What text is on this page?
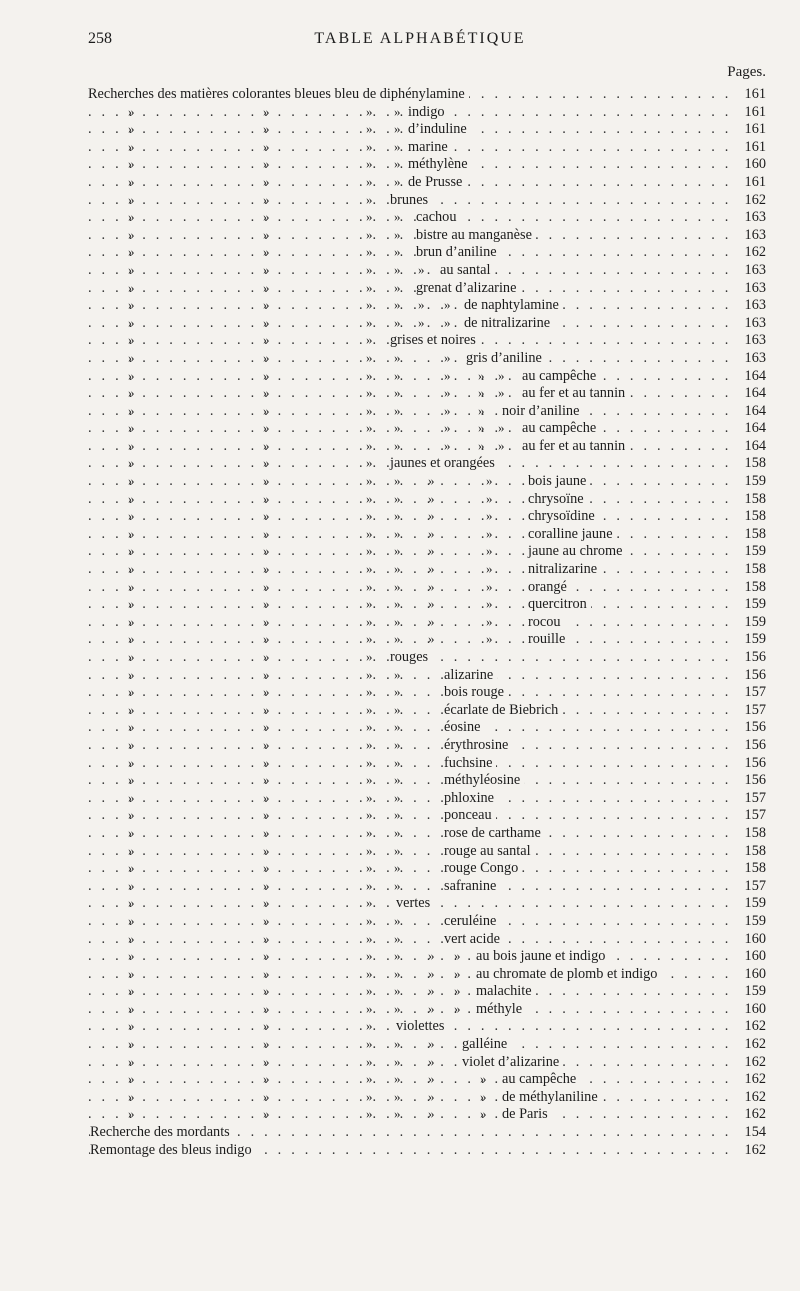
258	TABLE ALPHABÉTIQUE
Pages.
. . .
Recherches des matières colorantes bleues bleu de diphénylamine	161
. . .
»	»	» » indigo	161
. . .
»	»	» » d’induline	161
. . .
»	»	» » marine	161
. . .
»	»	» » méthylène	160
. . .
»	»	» » de Prusse	161
. . .
»	»	» brunes	162
. . .
»	»	» » cachou	163
. . .
»	»	» » bistre au manganèse	163
. . .
»	»	» » brun d’aniline	162
. . .
»	»	» » » au santal	163
. . .
»	»	» » grenat d’alizarine	163
. . .
»	»	» » » » de naphtylamine	163
. . .
»	»	» » » » de nitralizarine	163
. . .
»	»	» grises et noires	163
. . .
»	»	» »	» gris d’aniline	163
. . .
»	»	» »	» » » au campêche	164
. . .
»	»	» »	» » » au fer et au tannin	164
. . .
»	»	» »	» » noir d’aniline	164
. . .
»	»	» »	» » » au campêche	164
. . .
»	»	» »	» » » au fer et au tannin	164
. . .
»	»	» jaunes et orangées	158
. . .
»	»	» » »	» bois jaune	159
. . .
»	»	» » »	» chrysoïne	158
. . .
»	»	» » »	» chrysoïdine	158
. . .
»	»	» » »	» coralline jaune	158
. . .
»	»	» » »	» jaune au chrome	159
. . .
»	»	» » »	» nitralizarine	158
. . .
»	»	» » »	» orangé	158
. . .
»	»	» » »	» quercitron	159
. . .
»	»	» » »	» rocou	159
. . .
»	»	» » »	» rouille	159
. . .
»	»	» rouges	156
. . .
»	»	» »	alizarine	156
. . .
»	»	» »	bois rouge	157
. . .
»	»	» »	écarlate de Biebrich	157
. . .
»	»	» »	éosine	156
. . .
»	»	» »	érythrosine	156
. . .
»	»	» »	fuchsine	156
. . .
»	»	» »	méthyléosine	156
. . .
»	»	» »	phloxine	157
. . .
»	»	» »	ponceau	157
. . .
»	»	» »	rose de carthame	158
. . .
»	»	» »	rouge au santal	158
. . .
»	»	» »	rouge Congo	158
. . .
»	»	» »	safranine	157
. . .
»	»	» vertes	159
. . .
»	»	» »	ceruléine	159
. . .
»	»	» »	vert acide	160
. . .
»	»	» » » » au bois jaune et indigo	160
. . .
»	»	» » » » au chromate de plomb et indigo	160
. . .
»	»	» » » » malachite	159
. . .
»	»	» » » » méthyle	160
. . .
»	»	» violettes	162
. . .
»	»	» » » galléine	162
. . .
»	»	» » » violet d’alizarine	162
. . .
»	»	» » »	» au campêche	162
. . .
»	»	» » »	» de méthylaniline	162
. . .
»	»	» » »	» de Paris	162
. . .
Recherche des mordants	154
. . .
Remontage des bleus indigo	162
